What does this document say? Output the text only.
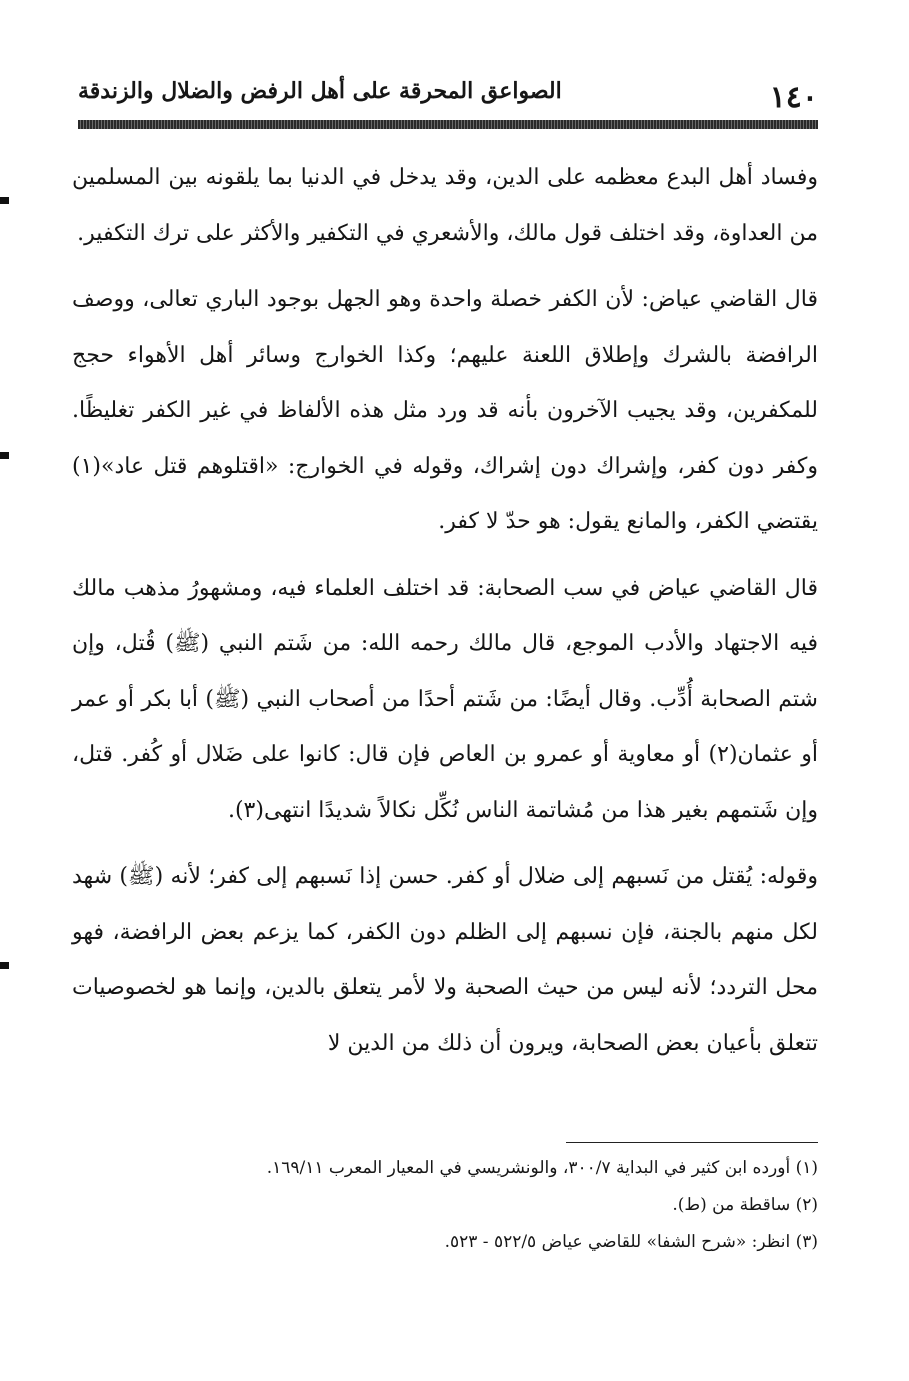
١٤٠
الصواعق المحرقة على أهل الرفض والضلال والزندقة

وفساد أهل البدع معظمه على الدين، وقد يدخل في الدنيا بما يلقونه بين المسلمين من العداوة، وقد اختلف قول مالك، والأشعري في التكفير والأكثر على ترك التكفير.

قال القاضي عياض: لأن الكفر خصلة واحدة وهو الجهل بوجود الباري تعالى، ووصف الرافضة بالشرك وإطلاق اللعنة عليهم؛ وكذا الخوارج وسائر أهل الأهواء حجج للمكفرين، وقد يجيب الآخرون بأنه قد ورد مثل هذه الألفاظ في غير الكفر تغليظًا. وكفر دون كفر، وإشراك دون إشراك، وقوله في الخوارج: «اقتلوهم قتل عاد»(١) يقتضي الكفر، والمانع يقول: هو حدّ لا كفر.

قال القاضي عياض في سب الصحابة: قد اختلف العلماء فيه، ومشهورُ مذهب مالك فيه الاجتهاد والأدب الموجع، قال مالك رحمه الله: من شَتم النبي (ﷺ) قُتل، وإن شتم الصحابة أُدِّب. وقال أيضًا: من شَتم أحدًا من أصحاب النبي (ﷺ) أبا بكر أو عمر أو عثمان(٢) أو معاوية أو عمرو بن العاص فإن قال: كانوا على ضَلال أو كُفر. قتل، وإن شَتمهم بغير هذا من مُشاتمة الناس نُكِّل نكالاً شديدًا انتهى(٣).

وقوله: يُقتل من نَسبهم إلى ضلال أو كفر. حسن إذا نَسبهم إلى كفر؛ لأنه (ﷺ) شهد لكل منهم بالجنة، فإن نسبهم إلى الظلم دون الكفر، كما يزعم بعض الرافضة، فهو محل التردد؛ لأنه ليس من حيث الصحبة ولا لأمر يتعلق بالدين، وإنما هو لخصوصيات تتعلق بأعيان بعض الصحابة، ويرون أن ذلك من الدين لا

(١) أورده ابن كثير في البداية ٣٠٠/٧، والونشريسي في المعيار المعرب ١٦٩/١١.

(٢) ساقطة من (ط).

(٣) انظر: «شرح الشفا» للقاضي عياض ٥٢٢/٥ - ٥٢٣.
